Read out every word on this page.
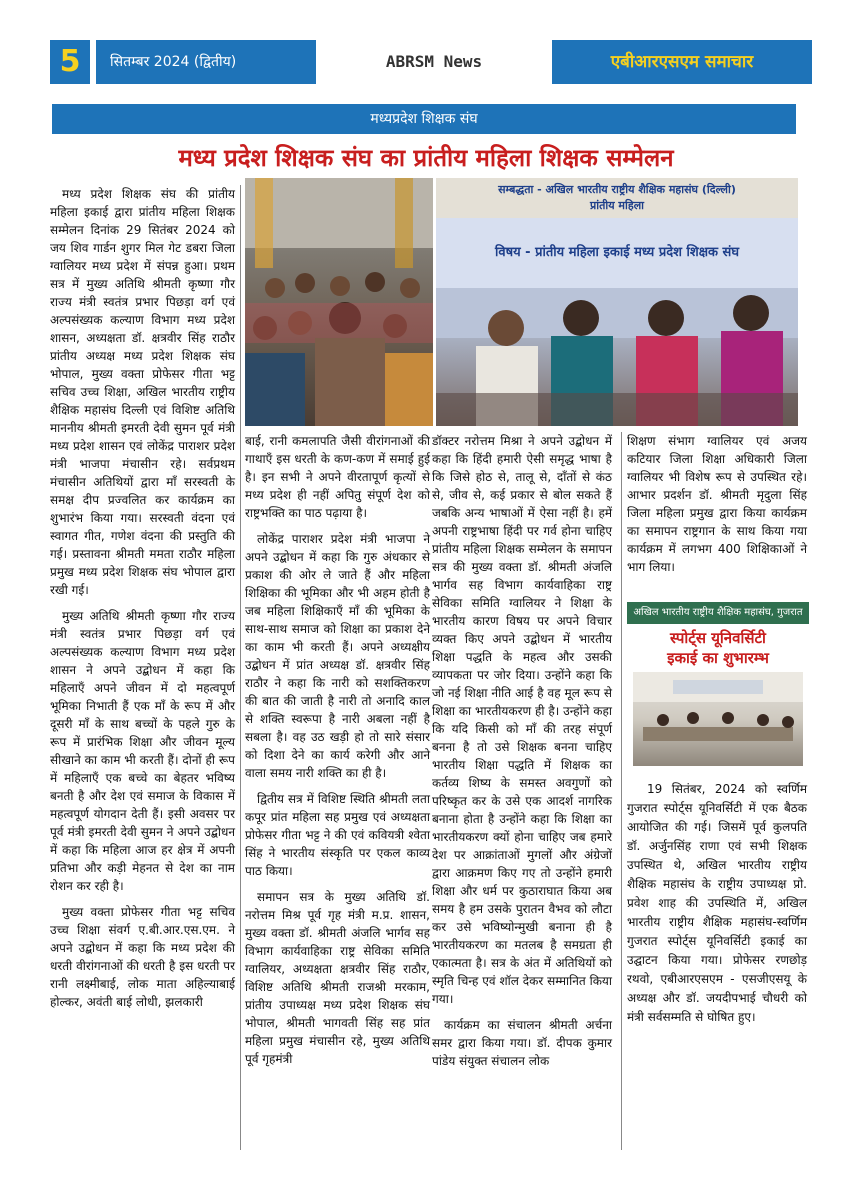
5	सितम्बर 2024 (द्वितीय)	ABRSM News	एबीआरएसएम समाचार
मध्यप्रदेश शिक्षक संघ
मध्य प्रदेश शिक्षक संघ का प्रांतीय महिला शिक्षक सम्मेलन
सम्बद्धता - अखिल भारतीय राष्ट्रीय शैक्षिक महासंघ (दिल्ली)
प्रांतीय महिला
विषय - प्रांतीय महिला इकाई मध्य प्रदेश शिक्षक संघ

मध्य प्रदेश शिक्षक संघ की प्रांतीय महिला इकाई द्वारा प्रांतीय महिला शिक्षक सम्मेलन दिनांक 29 सितंबर 2024 को जय शिव गार्डन शुगर मिल गेट डबरा जिला ग्वालियर मध्य प्रदेश में संपन्न हुआ। प्रथम सत्र में मुख्य अतिथि श्रीमती कृष्णा गौर राज्य मंत्री स्वतंत्र प्रभार पिछड़ा वर्ग एवं अल्पसंख्यक कल्याण विभाग मध्य प्रदेश शासन, अध्यक्षता डॉ. क्षत्रवीर सिंह राठौर प्रांतीय अध्यक्ष मध्य प्रदेश शिक्षक संघ भोपाल, मुख्य वक्ता प्रोफेसर गीता भट्ट सचिव उच्च शिक्षा, अखिल भारतीय राष्ट्रीय शैक्षिक महासंघ दिल्ली एवं विशिष्ट अतिथि माननीय श्रीमती इमरती देवी सुमन पूर्व मंत्री मध्य प्रदेश शासन एवं लोकेंद्र पाराशर प्रदेश मंत्री भाजपा मंचासीन रहे। सर्वप्रथम मंचासीन अतिथियों द्वारा माँ सरस्वती के समक्ष दीप प्रज्वलित कर कार्यक्रम का शुभारंभ किया गया। सरस्वती वंदना एवं स्वागत गीत, गणेश वंदना की प्रस्तुति की गई। प्रस्तावना श्रीमती ममता राठौर महिला प्रमुख मध्य प्रदेश शिक्षक संघ भोपाल द्वारा रखी गई।

मुख्य अतिथि श्रीमती कृष्णा गौर राज्य मंत्री स्वतंत्र प्रभार पिछड़ा वर्ग एवं अल्पसंख्यक कल्याण विभाग मध्य प्रदेश शासन ने अपने उद्बोधन में कहा कि महिलाएँ अपने जीवन में दो महत्वपूर्ण भूमिका निभाती हैं एक माँ के रूप में और दूसरी माँ के साथ बच्चों के पहले गुरु के रूप में प्रारंभिक शिक्षा और जीवन मूल्य सीखाने का काम भी करती हैं। दोनों ही रूप में महिलाएँ एक बच्चे का बेहतर भविष्य बनती है और देश एवं समाज के विकास में महत्वपूर्ण योगदान देती हैं। इसी अवसर पर पूर्व मंत्री इमरती देवी सुमन ने अपने उद्बोधन में कहा कि महिला आज हर क्षेत्र में अपनी प्रतिभा और कड़ी मेहनत से देश का नाम रोशन कर रही है।

मुख्य वक्ता प्रोफेसर गीता भट्ट सचिव उच्च शिक्षा संवर्ग ए.बी.आर.एस.एम. ने अपने उद्बोधन में कहा कि मध्य प्रदेश की धरती वीरांगनाओं की धरती है इस धरती पर रानी लक्ष्मीबाई, लोक माता अहिल्याबाई होल्कर, अवंती बाई लोधी, झलकारी

बाई, रानी कमलापति जैसी वीरांगनाओं की गाथाएँ इस धरती के कण-कण में समाई हुई है। इन सभी ने अपने वीरतापूर्ण कृत्यों से मध्य प्रदेश ही नहीं अपितु संपूर्ण देश को राष्ट्रभक्ति का पाठ पढ़ाया है।

लोकेंद्र पाराशर प्रदेश मंत्री भाजपा ने अपने उद्बोधन में कहा कि गुरु अंधकार से प्रकाश की ओर ले जाते हैं और महिला शिक्षिका की भूमिका और भी अहम होती है जब महिला शिक्षिकाएँ माँ की भूमिका के साथ-साथ समाज को शिक्षा का प्रकाश देने का काम भी करती हैं। अपने अध्यक्षीय उद्बोधन में प्रांत अध्यक्ष डॉ. क्षत्रवीर सिंह राठौर ने कहा कि नारी को सशक्तिकरण की बात की जाती है नारी तो अनादि काल से शक्ति स्वरूपा है नारी अबला नहीं है सबला है। वह उठ खड़ी हो तो सारे संसार को दिशा देने का कार्य करेगी और आने वाला समय नारी शक्ति का ही है।

द्वितीय सत्र में विशिष्ट स्थिति श्रीमती लता कपूर प्रांत महिला सह प्रमुख एवं अध्यक्षता प्रोफेसर गीता भट्ट ने की एवं कवियत्री श्वेता सिंह ने भारतीय संस्कृति पर एकल काव्य पाठ किया।

समापन सत्र के मुख्य अतिथि डॉ. नरोत्तम मिश्र पूर्व गृह मंत्री म.प्र. शासन, मुख्य वक्ता डॉ. श्रीमती अंजलि भार्गव सह विभाग कार्यवाहिका राष्ट्र सेविका समिति ग्वालियर, अध्यक्षता क्षत्रवीर सिंह राठौर, विशिष्ट अतिथि श्रीमती राजश्री मरकाम, प्रांतीय उपाध्यक्ष मध्य प्रदेश शिक्षक संघ भोपाल, श्रीमती भागवती सिंह सह प्रांत महिला प्रमुख मंचासीन रहे, मुख्य अतिथि पूर्व गृहमंत्री

डॉक्टर नरोत्तम मिश्रा ने अपने उद्बोधन में कहा कि हिंदी हमारी ऐसी समृद्ध भाषा है कि जिसे होठ से, तालू से, दाँतों से कंठ से, जीव से, कई प्रकार से बोल सकते हैं जबकि अन्य भाषाओं में ऐसा नहीं है। हमें अपनी राष्ट्रभाषा हिंदी पर गर्व होना चाहिए प्रांतीय महिला शिक्षक सम्मेलन के समापन सत्र की मुख्य वक्ता डॉ. श्रीमती अंजलि भार्गव सह विभाग कार्यवाहिका राष्ट्र सेविका समिति ग्वालियर ने शिक्षा के भारतीय कारण विषय पर अपने विचार व्यक्त किए अपने उद्बोधन में भारतीय शिक्षा पद्धति के महत्व और उसकी व्यापकता पर जोर दिया। उन्होंने कहा कि जो नई शिक्षा नीति आई है वह मूल रूप से शिक्षा का भारतीयकरण ही है। उन्होंने कहा कि यदि किसी को माँ की तरह संपूर्ण बनना है तो उसे शिक्षक बनना चाहिए भारतीय शिक्षा पद्धति में शिक्षक का कर्तव्य शिष्य के समस्त अवगुणों को परिष्कृत कर के उसे एक आदर्श नागरिक बनाना होता है उन्होंने कहा कि शिक्षा का भारतीयकरण क्यों होना चाहिए जब हमारे देश पर आक्रांताओं मुगलों और अंग्रेजों द्वारा आक्रमण किए गए तो उन्होंने हमारी शिक्षा और धर्म पर कुठाराघात किया अब समय है हम उसके पुरातन वैभव को लौटा कर उसे भविष्योन्मुखी बनाना ही है भारतीयकरण का मतलब है समग्रता ही एकात्मता है। सत्र के अंत में अतिथियों को स्मृति चिन्ह एवं शॉल देकर सम्मानित किया गया।

कार्यक्रम का संचालन श्रीमती अर्चना समर द्वारा किया गया। डॉ. दीपक कुमार पांडेय संयुक्त संचालन लोक

शिक्षण संभाग ग्वालियर एवं अजय कटियार जिला शिक्षा अधिकारी जिला ग्वालियर भी विशेष रूप से उपस्थित रहे। आभार प्रदर्शन डॉ. श्रीमती मृदुला सिंह जिला महिला प्रमुख द्वारा किया कार्यक्रम का समापन राष्ट्रगान के साथ किया गया कार्यक्रम में लगभग 400 शिक्षिकाओं ने भाग लिया।

अखिल भारतीय राष्ट्रीय शैक्षिक महासंघ, गुजरात
स्पोर्ट्स यूनिवर्सिटी
इकाई का शुभारम्भ

19 सितंबर, 2024 को स्वर्णिम गुजरात स्पोर्ट्स यूनिवर्सिटी में एक बैठक आयोजित की गई। जिसमें पूर्व कुलपति डॉ. अर्जुनसिंह राणा एवं सभी शिक्षक उपस्थित थे, अखिल भारतीय राष्ट्रीय शैक्षिक महासंघ के राष्ट्रीय उपाध्यक्ष प्रो. प्रवेश शाह की उपस्थिति में, अखिल भारतीय राष्ट्रीय शैक्षिक महासंघ-स्वर्णिम गुजरात स्पोर्ट्स यूनिवर्सिटी इकाई का उद्घाटन किया गया। प्रोफेसर रणछोड़ रथवो, एबीआरएसएम - एसजीएसयू के अध्यक्ष और डॉ. जयदीपभाई चौधरी को मंत्री सर्वसम्मति से घोषित हुए।
